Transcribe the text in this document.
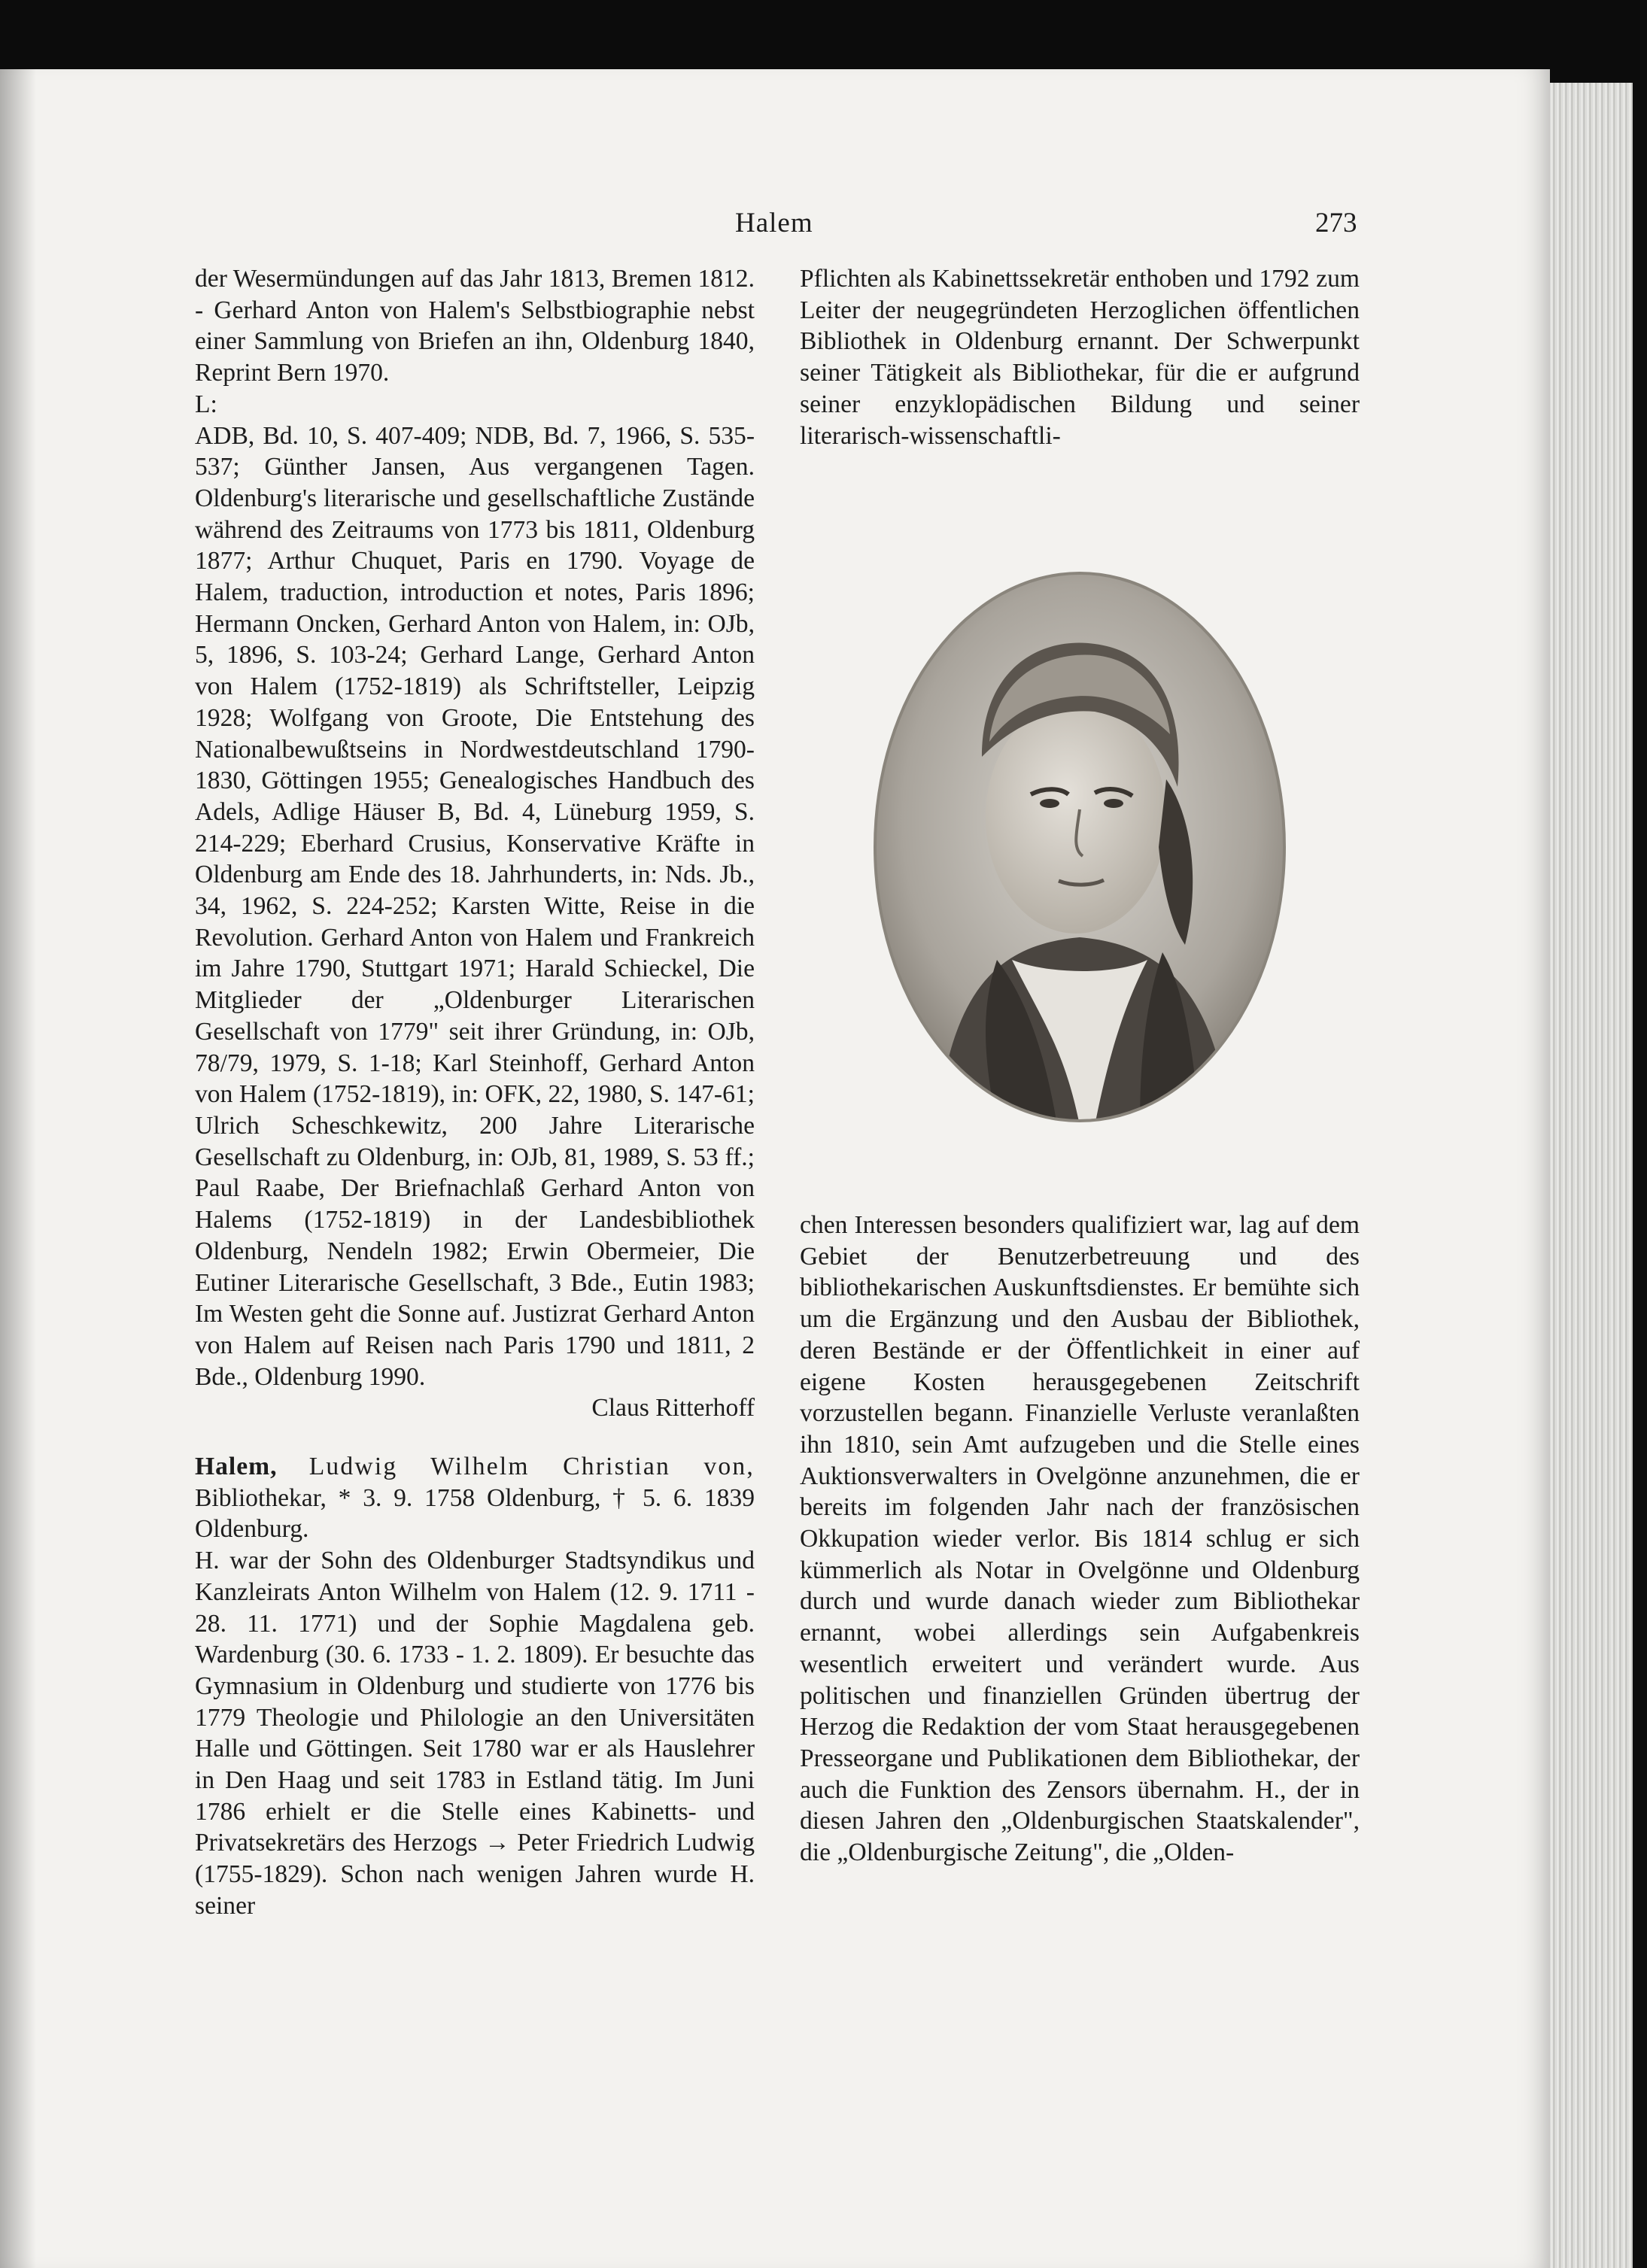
Halem	273

der Wesermündungen auf das Jahr 1813, Bremen 1812. - Gerhard Anton von Halem's Selbstbiographie nebst einer Sammlung von Briefen an ihn, Oldenburg 1840, Reprint Bern 1970.

L:

ADB, Bd. 10, S. 407-409; NDB, Bd. 7, 1966, S. 535-537; Günther Jansen, Aus vergangenen Tagen. Oldenburg's literarische und gesellschaftliche Zustände während des Zeitraums von 1773 bis 1811, Oldenburg 1877; Arthur Chuquet, Paris en 1790. Voyage de Halem, traduction, introduction et notes, Paris 1896; Hermann Oncken, Gerhard Anton von Halem, in: OJb, 5, 1896, S. 103-24; Gerhard Lange, Gerhard Anton von Halem (1752-1819) als Schriftsteller, Leipzig 1928; Wolfgang von Groote, Die Entstehung des Nationalbewußtseins in Nordwestdeutschland 1790-1830, Göttingen 1955; Genealogisches Handbuch des Adels, Adlige Häuser B, Bd. 4, Lüneburg 1959, S. 214-229; Eberhard Crusius, Konservative Kräfte in Oldenburg am Ende des 18. Jahrhunderts, in: Nds. Jb., 34, 1962, S. 224-252; Karsten Witte, Reise in die Revolution. Gerhard Anton von Halem und Frankreich im Jahre 1790, Stuttgart 1971; Harald Schieckel, Die Mitglieder der „Oldenburger Literarischen Gesellschaft von 1779" seit ihrer Gründung, in: OJb, 78/79, 1979, S. 1-18; Karl Steinhoff, Gerhard Anton von Halem (1752-1819), in: OFK, 22, 1980, S. 147-61; Ulrich Scheschkewitz, 200 Jahre Literarische Gesellschaft zu Oldenburg, in: OJb, 81, 1989, S. 53 ff.; Paul Raabe, Der Briefnachlaß Gerhard Anton von Halems (1752-1819) in der Landesbibliothek Oldenburg, Nendeln 1982; Erwin Obermeier, Die Eutiner Literarische Gesellschaft, 3 Bde., Eutin 1983; Im Westen geht die Sonne auf. Justizrat Gerhard Anton von Halem auf Reisen nach Paris 1790 und 1811, 2 Bde., Oldenburg 1990.

Claus Ritterhoff

Halem, Ludwig Wilhelm Christian von, Bibliothekar, * 3. 9. 1758 Oldenburg, † 5. 6. 1839 Oldenburg.

H. war der Sohn des Oldenburger Stadtsyndikus und Kanzleirats Anton Wilhelm von Halem (12. 9. 1711 - 28. 11. 1771) und der Sophie Magdalena geb. Wardenburg (30. 6. 1733 - 1. 2. 1809). Er besuchte das Gymnasium in Oldenburg und studierte von 1776 bis 1779 Theologie und Philologie an den Universitäten Halle und Göttingen. Seit 1780 war er als Hauslehrer in Den Haag und seit 1783 in Estland tätig. Im Juni 1786 erhielt er die Stelle eines Kabinetts- und Privatsekretärs des Herzogs → Peter Friedrich Ludwig (1755-1829). Schon nach wenigen Jahren wurde H. seiner

Pflichten als Kabinettssekretär enthoben und 1792 zum Leiter der neugegründeten Herzoglichen öffentlichen Bibliothek in Oldenburg ernannt. Der Schwerpunkt seiner Tätigkeit als Bibliothekar, für die er aufgrund seiner enzyklopädischen Bildung und seiner literarisch-wissenschaftli-

chen Interessen besonders qualifiziert war, lag auf dem Gebiet der Benutzerbetreuung und des bibliothekarischen Auskunftsdienstes. Er bemühte sich um die Ergänzung und den Ausbau der Bibliothek, deren Bestände er der Öffentlichkeit in einer auf eigene Kosten herausgegebenen Zeitschrift vorzustellen begann. Finanzielle Verluste veranlaßten ihn 1810, sein Amt aufzugeben und die Stelle eines Auktionsverwalters in Ovelgönne anzunehmen, die er bereits im folgenden Jahr nach der französischen Okkupation wieder verlor. Bis 1814 schlug er sich kümmerlich als Notar in Ovelgönne und Oldenburg durch und wurde danach wieder zum Bibliothekar ernannt, wobei allerdings sein Aufgabenkreis wesentlich erweitert und verändert wurde. Aus politischen und finanziellen Gründen übertrug der Herzog die Redaktion der vom Staat herausgegebenen Presseorgane und Publikationen dem Bibliothekar, der auch die Funktion des Zensors übernahm. H., der in diesen Jahren den „Oldenburgischen Staatskalender", die „Oldenburgische Zeitung", die „Olden-
